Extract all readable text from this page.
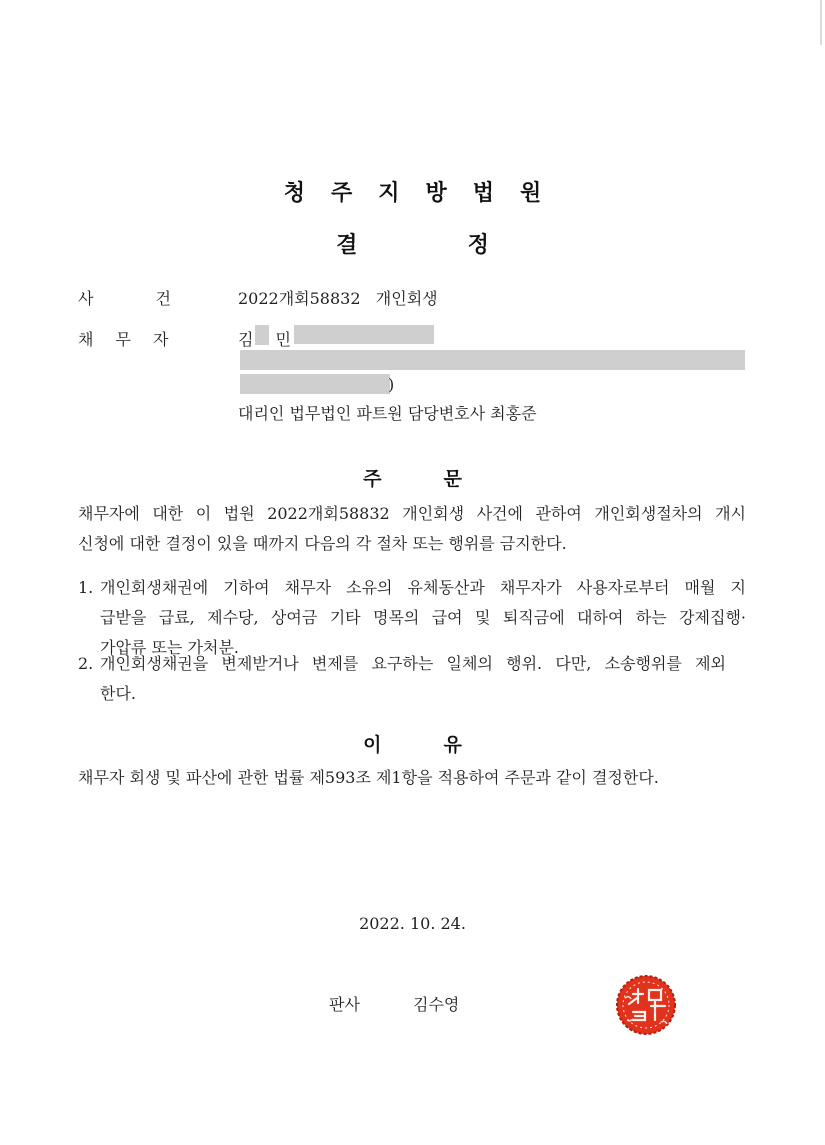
청주지방법원
결	정
사	건	2022개회58832   개인회생
채 무 자	김 민
)
대리인 법무법인 파트원 담당변호사 최홍준
주	문
채무자에 대한 이 법원 2022개회58832 개인회생 사건에 관하여 개인회생절차의 개시
신청에 대한 결정이 있을 때까지 다음의 각 절차 또는 행위를 금지한다.
1. 개인회생채권에 기하여 채무자 소유의 유체동산과 채무자가 사용자로부터 매월 지
급받을 급료, 제수당, 상여금 기타 명목의 급여 및 퇴직금에 대하여 하는 강제집행·
가압류 또는 가처분.
2. 개인회생채권을 변제받거나 변제를 요구하는 일체의 행위. 다만, 소송행위를 제외
한다.
이	유
채무자 회생 및 파산에 관한 법률 제593조 제1항을 적용하여 주문과 같이 결정한다.
2022. 10. 24.
판사	김수영
